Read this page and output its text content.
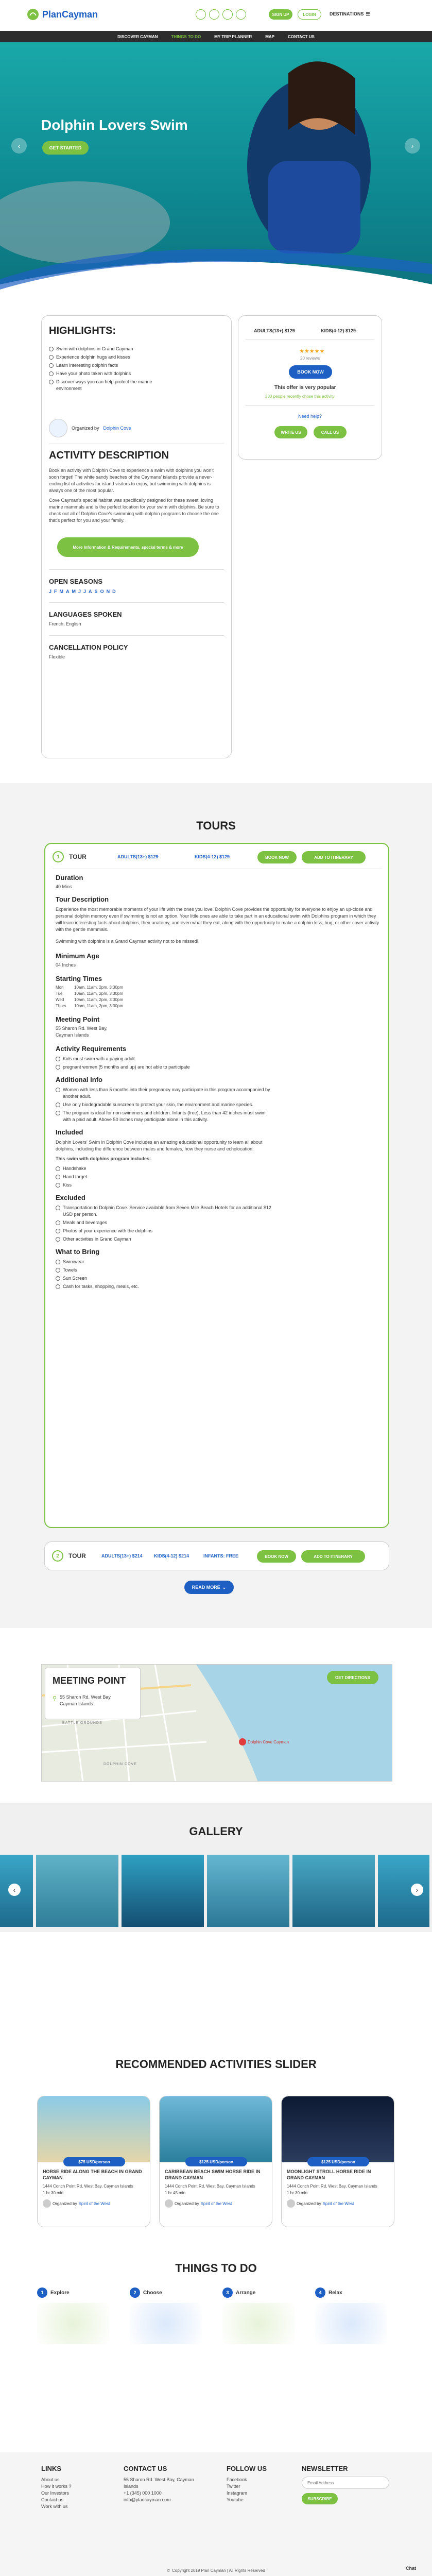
PlanCayman	SIGN UP	LOGIN	DESTINATIONS ☰
DISCOVER CAYMAN	THINGS TO DO	MY TRIP PLANNER	MAP	CONTACT US
Dolphin Lovers Swim
GET STARTED
‹	›
HIGHLIGHTS:
Swim with dolphins in Grand Cayman
Experience dolphin hugs and kisses
Learn interesting dolphin facts
Have your photo taken with dolphins
Discover ways you can help protect the marine environment
Organized by Dolphin Cove
ACTIVITY DESCRIPTION

Book an activity with Dolphin Cove to experience a swim with dolphins you won't soon forget! The white sandy beaches of the Caymans' islands provide a never-ending list of activities for island visitors to enjoy, but swimming with dolphins is always one of the most popular.

Cove Cayman's special habitat was specifically designed for these sweet, loving marine mammals and is the perfect location for your swim with dolphins. Be sure to check out all of Dolphin Cove's swimming with dolphin programs to choose the one that's perfect for you and your family.

More Information & Requirements, special terms & more
OPEN SEASONS
J F M A M J J A S O N D
LANGUAGES SPOKEN
French, English
CANCELLATION POLICY
Flexible
ADULTS(13+) $129	KIDS(4-12) $129
★★★★★
20 reviews
BOOK NOW
This offer is very popular
330 people recently chose this activity
Need help?
WRITE US	CALL US
TOURS
1	TOUR	ADULTS(13+) $129	KIDS(4-12) $129	BOOK NOW	ADD TO ITINERARY
Duration
40 Mins
Tour Description

Experience the most memorable moments of your life with the ones you love. Dolphin Cove provides the opportunity for everyone to enjoy an up-close and personal dolphin memory even if swimming is not an option. Your little ones are able to take part in an educational swim with Dolphins program in which they will learn interesting facts about dolphins, their anatomy, and even what they eat, along with the opportunity to make a dolphin kiss, hug, or other cover activity with the gentle mammals.

Swimming with dolphins is a Grand Cayman activity not to be missed!

Minimum Age
04 Inches
Starting Times
Mon	10am, 11am, 2pm, 3:30pm
Tue	10am, 11am, 2pm, 3:30pm
Wed	10am, 11am, 2pm, 3:30pm
Thurs	10am, 11am, 2pm, 3:30pm
Meeting Point
55 Sharon Rd. West Bay, Cayman Islands
Activity Requirements
Kids must swim with a paying adult.
pregnant women (5 months and up) are not able to participate
Additional Info
Women with less than 5 months into their pregnancy may participate in this program accompanied by another adult.
Use only biodegradable sunscreen to protect your skin, the environment and marine species.
The program is ideal for non-swimmers and children. Infants (free), Less than 42 inches must swim with a paid adult. Above 50 inches may participate alone in this activity.
Included

Dolphin Lovers' Swim in Dolphin Cove includes an amazing educational opportunity to learn all about dolphins, including the difference between males and females, how they nurse and echolocation.

This swim with dolphins program includes:
Handshake
Hand target
Kiss
Excluded
Transportation to Dolphin Cove. Service available from Seven Mile Beach Hotels for an additional $12 USD per person.
Meals and beverages
Photos of your experience with the dolphins
Other activities in Grand Cayman
What to Bring
Swimwear
Towels
Sun Screen
Cash for tasks, shopping, meals, etc.
2	TOUR	ADULTS(13+) $214 KIDS(4-12) $214	INFANTS: FREE	BOOK NOW	ADD TO ITINERARY
READ MORE ⌄
BATTLE GROUNDS
DOLPHIN COVE
Dolphin Cove Cayman
MEETING POINT
⚲ 55 Sharon Rd. West Bay, Cayman Islands
GET DIRECTIONS
GALLERY
‹	›
RECOMMENDED ACTIVITIES SLIDER
$75 USD/person
HORSE RIDE ALONG THE BEACH IN GRAND CAYMAN
1444 Conch Point Rd, West Bay, Cayman Islands
1 hr 30 min
Organized by Spirit of the West
$125 USD/person
CARIBBEAN BEACH SWIM HORSE RIDE IN GRAND CAYMAN
1444 Conch Point Rd, West Bay, Cayman Islands
1 hr 45 min
Organized by Spirit of the West
$125 USD/person
MOONLIGHT STROLL HORSE RIDE IN GRAND CAYMAN
1444 Conch Point Rd, West Bay, Cayman Islands
1 hr 30 min
Organized by Spirit of the West
THINGS TO DO
1	Explore	2	Choose	3	Arrange	4	Relax
LINKS
About us
How it works ?
Our Investors
Contact us
Work with us
CONTACT US
55 Sharon Rd. West Bay, Cayman Islands
+1 (345) 000 1000
info@plancayman.com
FOLLOW US
Facebook
Twitter
Instagram
Youtube
NEWSLETTER
Email Address
SUBSCRIBE
© Copyright 2019 Plan Cayman | All Rights Reserved	Chat
